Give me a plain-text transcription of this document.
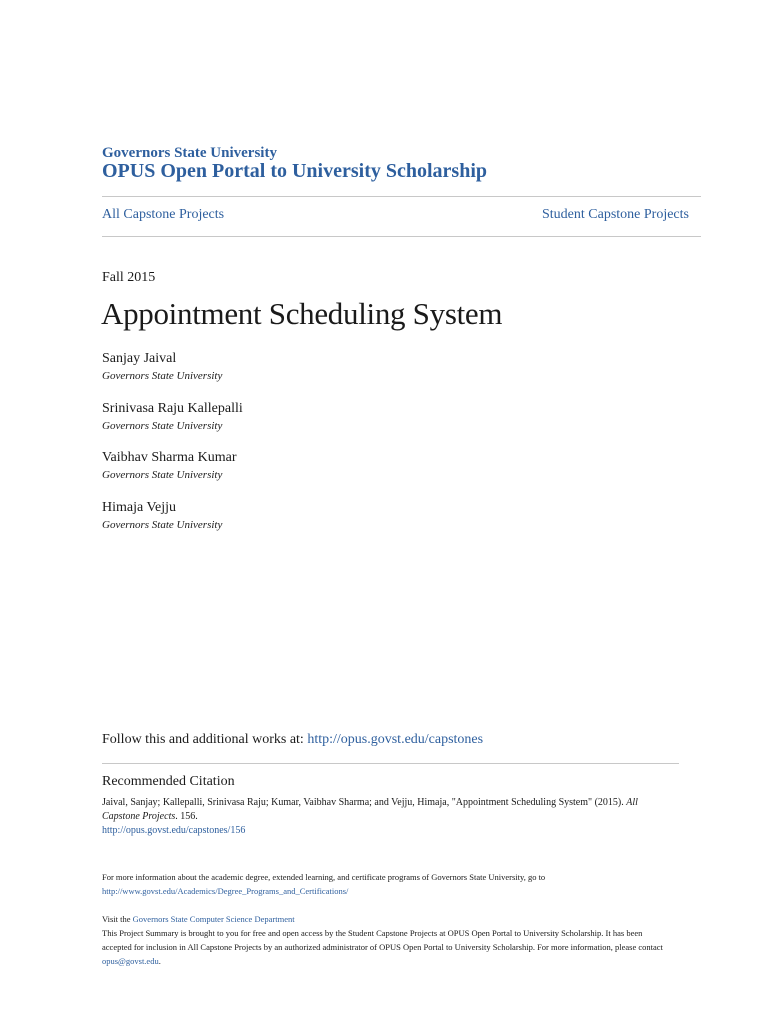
Governors State University
OPUS Open Portal to University Scholarship
All Capstone Projects	Student Capstone Projects
Fall 2015
Appointment Scheduling System
Sanjay Jaival
Governors State University
Srinivasa Raju Kallepalli
Governors State University
Vaibhav Sharma Kumar
Governors State University
Himaja Vejju
Governors State University
Follow this and additional works at: http://opus.govst.edu/capstones
Recommended Citation
Jaival, Sanjay; Kallepalli, Srinivasa Raju; Kumar, Vaibhav Sharma; and Vejju, Himaja, "Appointment Scheduling System" (2015). All Capstone Projects. 156.
http://opus.govst.edu/capstones/156
For more information about the academic degree, extended learning, and certificate programs of Governors State University, go to
http://www.govst.edu/Academics/Degree_Programs_and_Certifications/
Visit the Governors State Computer Science Department
This Project Summary is brought to you for free and open access by the Student Capstone Projects at OPUS Open Portal to University Scholarship. It has been accepted for inclusion in All Capstone Projects by an authorized administrator of OPUS Open Portal to University Scholarship. For more information, please contact opus@govst.edu.
